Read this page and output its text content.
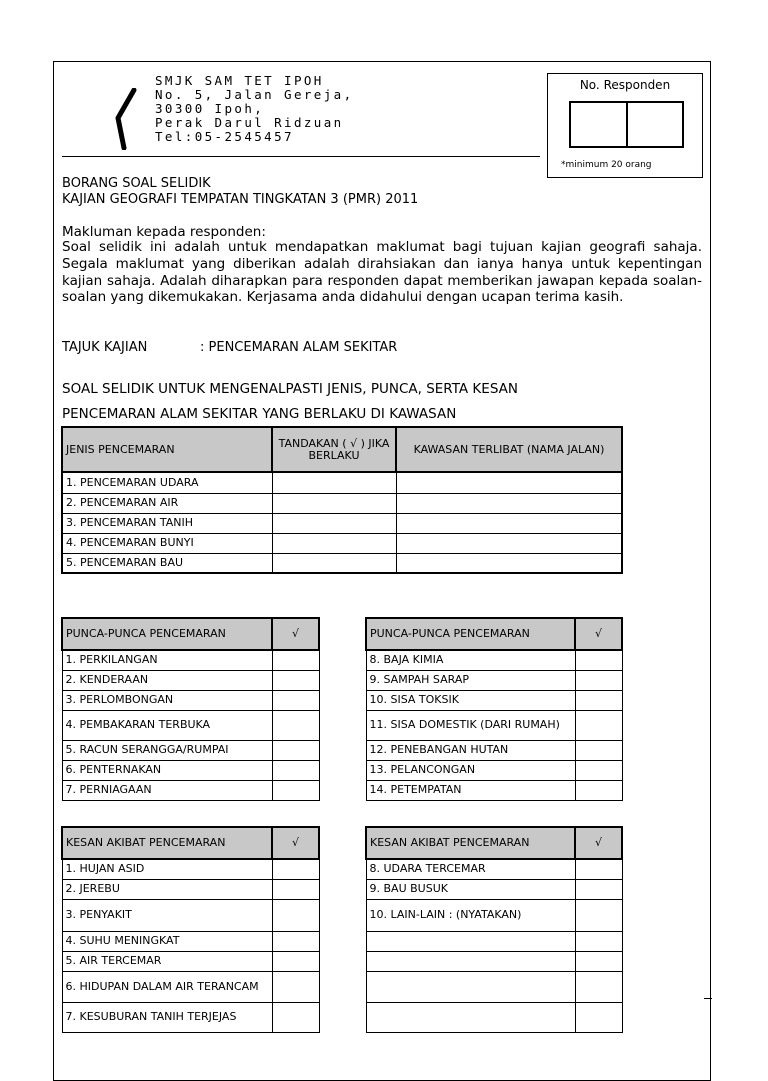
SMJK SAM TET IPOH
No. 5, Jalan Gereja,
30300 Ipoh,
Perak Darul Ridzuan
Tel:05-2545457
No. Responden
*minimum 20 orang
BORANG SOAL SELIDIK
KAJIAN GEOGRAFI TEMPATAN TINGKATAN 3 (PMR) 2011
Makluman kepada responden:
Soal selidik ini adalah untuk mendapatkan maklumat bagi tujuan kajian geografi sahaja. Segala maklumat yang diberikan adalah dirahsiakan dan ianya hanya untuk kepentingan kajian sahaja. Adalah diharapkan para responden dapat memberikan jawapan kepada soalan-soalan yang dikemukakan. Kerjasama anda didahului dengan ucapan terima kasih.
TAJUK KAJIAN	: PENCEMARAN ALAM SEKITAR
SOAL SELIDIK UNTUK MENGENALPASTI JENIS, PUNCA, SERTA KESAN
PENCEMARAN ALAM SEKITAR YANG BERLAKU DI KAWASAN
JENIS PENCEMARAN	TANDAKAN ( √ ) JIKA BERLAKU	KAWASAN TERLIBAT (NAMA JALAN)
1. PENCEMARAN UDARA		
2. PENCEMARAN AIR		
3. PENCEMARAN TANIH		
4. PENCEMARAN BUNYI		
5. PENCEMARAN BAU		
PUNCA-PUNCA PENCEMARAN	√
1. PERKILANGAN	
2. KENDERAAN	
3. PERLOMBONGAN	
4. PEMBAKARAN TERBUKA	
5. RACUN SERANGGA/RUMPAI	
6. PENTERNAKAN	
7. PERNIAGAAN	
PUNCA-PUNCA PENCEMARAN	√
8. BAJA KIMIA	
9. SAMPAH SARAP	
10. SISA TOKSIK	
11. SISA DOMESTIK (DARI RUMAH)	
12. PENEBANGAN HUTAN	
13. PELANCONGAN	
14. PETEMPATAN	
KESAN AKIBAT PENCEMARAN	√
1. HUJAN ASID	
2. JEREBU	
3. PENYAKIT	
4. SUHU MENINGKAT	
5. AIR TERCEMAR	
6. HIDUPAN DALAM AIR TERANCAM	
7. KESUBURAN TANIH TERJEJAS	
KESAN AKIBAT PENCEMARAN	√
8. UDARA TERCEMAR	
9. BAU BUSUK	
10. LAIN-LAIN : (NYATAKAN)	
